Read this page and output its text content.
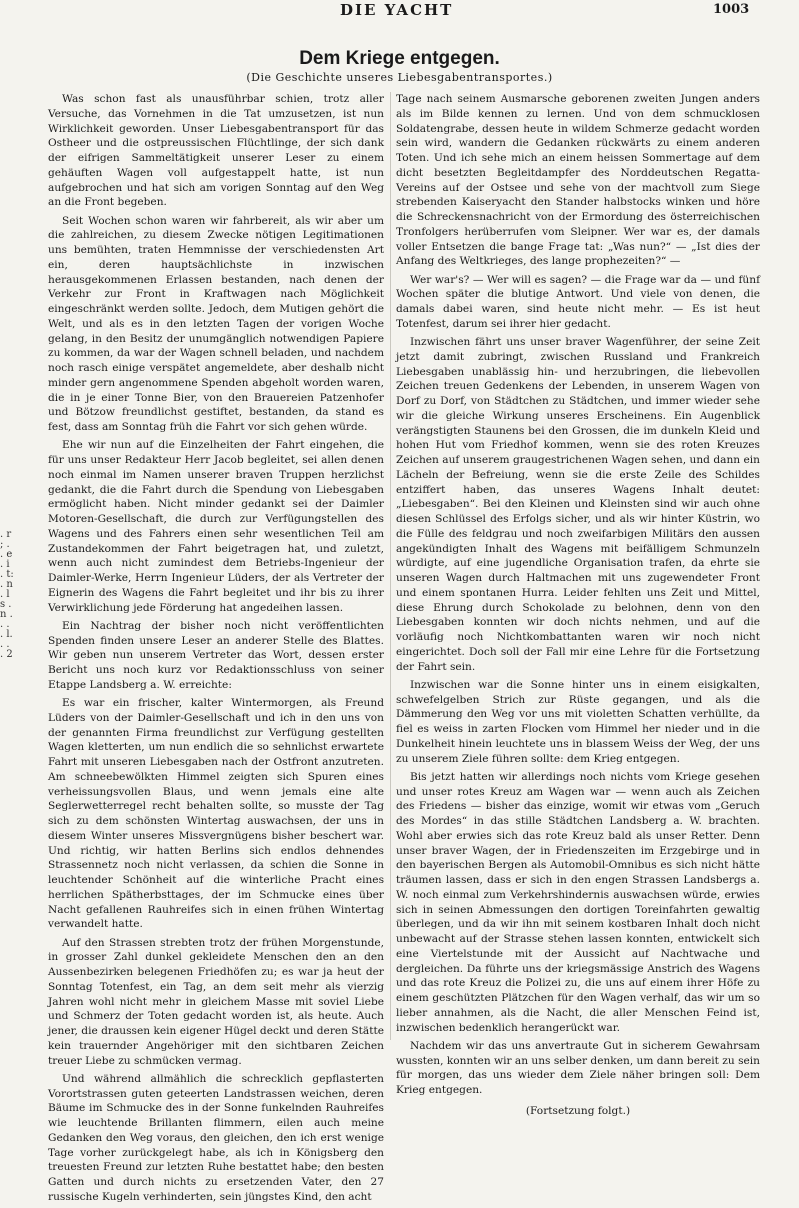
DIE YACHT	1003
. r ; . . e . i . t: . n . l s . n . . . . l. . . . 2
Dem Kriege entgegen.
(Die Geschichte unseres Liebesgabentransportes.)

Was schon fast als unausführbar schien, trotz aller Versuche, das Vornehmen in die Tat umzusetzen, ist nun Wirklichkeit geworden. Unser Liebesgabentransport für das Ostheer und die ostpreussischen Flüchtlinge, der sich dank der eifrigen Sammeltätigkeit unserer Leser zu einem gehäuften Wagen voll aufgestappelt hatte, ist nun aufgebrochen und hat sich am vorigen Sonntag auf den Weg an die Front begeben.

Seit Wochen schon waren wir fahrbereit, als wir aber um die zahlreichen, zu diesem Zwecke nötigen Legitimationen uns bemühten, traten Hemmnisse der verschiedensten Art ein, deren hauptsächlichste in inzwischen herausgekommenen Erlassen bestanden, nach denen der Verkehr zur Front in Kraftwagen nach Möglichkeit eingeschränkt werden sollte. Jedoch, dem Mutigen gehört die Welt, und als es in den letzten Tagen der vorigen Woche gelang, in den Besitz der unumgänglich notwendigen Papiere zu kommen, da war der Wagen schnell beladen, und nachdem noch rasch einige verspätet angemeldete, aber deshalb nicht minder gern angenommene Spenden abgeholt worden waren, die in je einer Tonne Bier, von den Brauereien Patzenhofer und Bötzow freundlichst gestiftet, bestanden, da stand es fest, dass am Sonntag früh die Fahrt vor sich gehen würde.

Ehe wir nun auf die Einzelheiten der Fahrt eingehen, die für uns unser Redakteur Herr Jacob begleitet, sei allen denen noch einmal im Namen unserer braven Truppen herzlichst gedankt, die die Fahrt durch die Spendung von Liebesgaben ermöglicht haben. Nicht minder gedankt sei der Daimler Motoren-Gesellschaft, die durch zur Verfügungstellen des Wagens und des Fahrers einen sehr wesentlichen Teil am Zustandekommen der Fahrt beigetragen hat, und zuletzt, wenn auch nicht zumindest dem Betriebs-Ingenieur der Daimler-Werke, Herrn Ingenieur Lüders, der als Vertreter der Eignerin des Wagens die Fahrt begleitet und ihr bis zu ihrer Verwirklichung jede Förderung hat angedeihen lassen.

Ein Nachtrag der bisher noch nicht veröffentlichten Spenden finden unsere Leser an anderer Stelle des Blattes. Wir geben nun unserem Vertreter das Wort, dessen erster Bericht uns noch kurz vor Redaktionsschluss von seiner Etappe Landsberg a. W. erreichte:

Es war ein frischer, kalter Wintermorgen, als Freund Lüders von der Daimler-Gesellschaft und ich in den uns von der genannten Firma freundlichst zur Verfügung gestellten Wagen kletterten, um nun endlich die so sehnlichst erwartete Fahrt mit unseren Liebesgaben nach der Ostfront anzutreten. Am schneebewölkten Himmel zeigten sich Spuren eines verheissungsvollen Blaus, und wenn jemals eine alte Seglerwetterregel recht behalten sollte, so musste der Tag sich zu dem schönsten Wintertag auswachsen, der uns in diesem Winter unseres Missvergnügens bisher beschert war. Und richtig, wir hatten Berlins sich endlos dehnendes Strassennetz noch nicht verlassen, da schien die Sonne in leuchtender Schönheit auf die winterliche Pracht eines herrlichen Spätherbsttages, der im Schmucke eines über Nacht gefallenen Rauhreifes sich in einen frühen Wintertag verwandelt hatte.

Auf den Strassen strebten trotz der frühen Morgenstunde, in grosser Zahl dunkel gekleidete Menschen den an den Aussenbezirken belegenen Friedhöfen zu; es war ja heut der Sonntag Totenfest, ein Tag, an dem seit mehr als vierzig Jahren wohl nicht mehr in gleichem Masse mit soviel Liebe und Schmerz der Toten gedacht worden ist, als heute. Auch jener, die draussen kein eigener Hügel deckt und deren Stätte kein trauernder Angehöriger mit den sichtbaren Zeichen treuer Liebe zu schmücken vermag.

Und während allmählich die schrecklich gepflasterten Vorortstrassen guten geteerten Landstrassen weichen, deren Bäume im Schmucke des in der Sonne funkelnden Rauhreifes wie leuchtende Brillanten flimmern, eilen auch meine Gedanken den Weg voraus, den gleichen, den ich erst wenige Tage vorher zurückgelegt habe, als ich in Königsberg den treuesten Freund zur letzten Ruhe bestattet habe; den besten Gatten und durch nichts zu ersetzenden Vater, den 27 russische Kugeln verhinderten, sein jüngstes Kind, den acht

Tage nach seinem Ausmarsche geborenen zweiten Jungen anders als im Bilde kennen zu lernen. Und von dem schmucklosen Soldatengrabe, dessen heute in wildem Schmerze gedacht worden sein wird, wandern die Gedanken rückwärts zu einem anderen Toten. Und ich sehe mich an einem heissen Sommertage auf dem dicht besetzten Begleitdampfer des Norddeutschen Regatta-Vereins auf der Ostsee und sehe von der machtvoll zum Siege strebenden Kaiseryacht den Stander halbstocks winken und höre die Schreckensnachricht von der Ermordung des österreichischen Tronfolgers herüberrufen vom Sleipner. Wer war es, der damals voller Entsetzen die bange Frage tat: „Was nun?“ — „Ist dies der Anfang des Weltkrieges, des lange prophezeiten?“ —

Wer war's? — Wer will es sagen? — die Frage war da — und fünf Wochen später die blutige Antwort. Und viele von denen, die damals dabei waren, sind heute nicht mehr. — Es ist heut Totenfest, darum sei ihrer hier gedacht.

Inzwischen fährt uns unser braver Wagenführer, der seine Zeit jetzt damit zubringt, zwischen Russland und Frankreich Liebesgaben unablässig hin- und herzubringen, die liebevollen Zeichen treuen Gedenkens der Lebenden, in unserem Wagen von Dorf zu Dorf, von Städtchen zu Städtchen, und immer wieder sehe wir die gleiche Wirkung unseres Erscheinens. Ein Augenblick verängstigten Staunens bei den Grossen, die im dunkeln Kleid und hohen Hut vom Friedhof kommen, wenn sie des roten Kreuzes Zeichen auf unserem graugestrichenen Wagen sehen, und dann ein Lächeln der Befreiung, wenn sie die erste Zeile des Schildes entziffert haben, das unseres Wagens Inhalt deutet: „Liebesgaben“. Bei den Kleinen und Kleinsten sind wir auch ohne diesen Schlüssel des Erfolgs sicher, und als wir hinter Küstrin, wo die Fülle des feldgrau und noch zweifarbigen Militärs den aussen angekündigten Inhalt des Wagens mit beifälligem Schmunzeln würdigte, auf eine jugendliche Organisation trafen, da ehrte sie unseren Wagen durch Haltmachen mit uns zugewendeter Front und einem spontanen Hurra. Leider fehlten uns Zeit und Mittel, diese Ehrung durch Schokolade zu belohnen, denn von den Liebesgaben konnten wir doch nichts nehmen, und auf die vorläufig noch Nichtkombattanten waren wir noch nicht eingerichtet. Doch soll der Fall mir eine Lehre für die Fortsetzung der Fahrt sein.

Inzwischen war die Sonne hinter uns in einem eisigkalten, schwefelgelben Strich zur Rüste gegangen, und als die Dämmerung den Weg vor uns mit violetten Schatten verhüllte, da fiel es weiss in zarten Flocken vom Himmel her nieder und in die Dunkelheit hinein leuchtete uns in blassem Weiss der Weg, der uns zu unserem Ziele führen sollte: dem Krieg entgegen.

Bis jetzt hatten wir allerdings noch nichts vom Kriege gesehen und unser rotes Kreuz am Wagen war — wenn auch als Zeichen des Friedens — bisher das einzige, womit wir etwas vom „Geruch des Mordes“ in das stille Städtchen Landsberg a. W. brachten. Wohl aber erwies sich das rote Kreuz bald als unser Retter. Denn unser braver Wagen, der in Friedenszeiten im Erzgebirge und in den bayerischen Bergen als Automobil-Omnibus es sich nicht hätte träumen lassen, dass er sich in den engen Strassen Landsbergs a. W. noch einmal zum Verkehrshindernis auswachsen würde, erwies sich in seinen Abmessungen den dortigen Toreinfahrten gewaltig überlegen, und da wir ihn mit seinem kostbaren Inhalt doch nicht unbewacht auf der Strasse stehen lassen konnten, entwickelt sich eine Viertelstunde mit der Aussicht auf Nachtwache und dergleichen. Da führte uns der kriegsmässige Anstrich des Wagens und das rote Kreuz die Polizei zu, die uns auf einem ihrer Höfe zu einem geschützten Plätzchen für den Wagen verhalf, das wir um so lieber annahmen, als die Nacht, die aller Menschen Feind ist, inzwischen bedenklich herangerückt war.

Nachdem wir das uns anvertraute Gut in sicherem Gewahrsam wussten, konnten wir an uns selber denken, um dann bereit zu sein für morgen, das uns wieder dem Ziele näher bringen soll: Dem Krieg entgegen.

(Fortsetzung folgt.)
